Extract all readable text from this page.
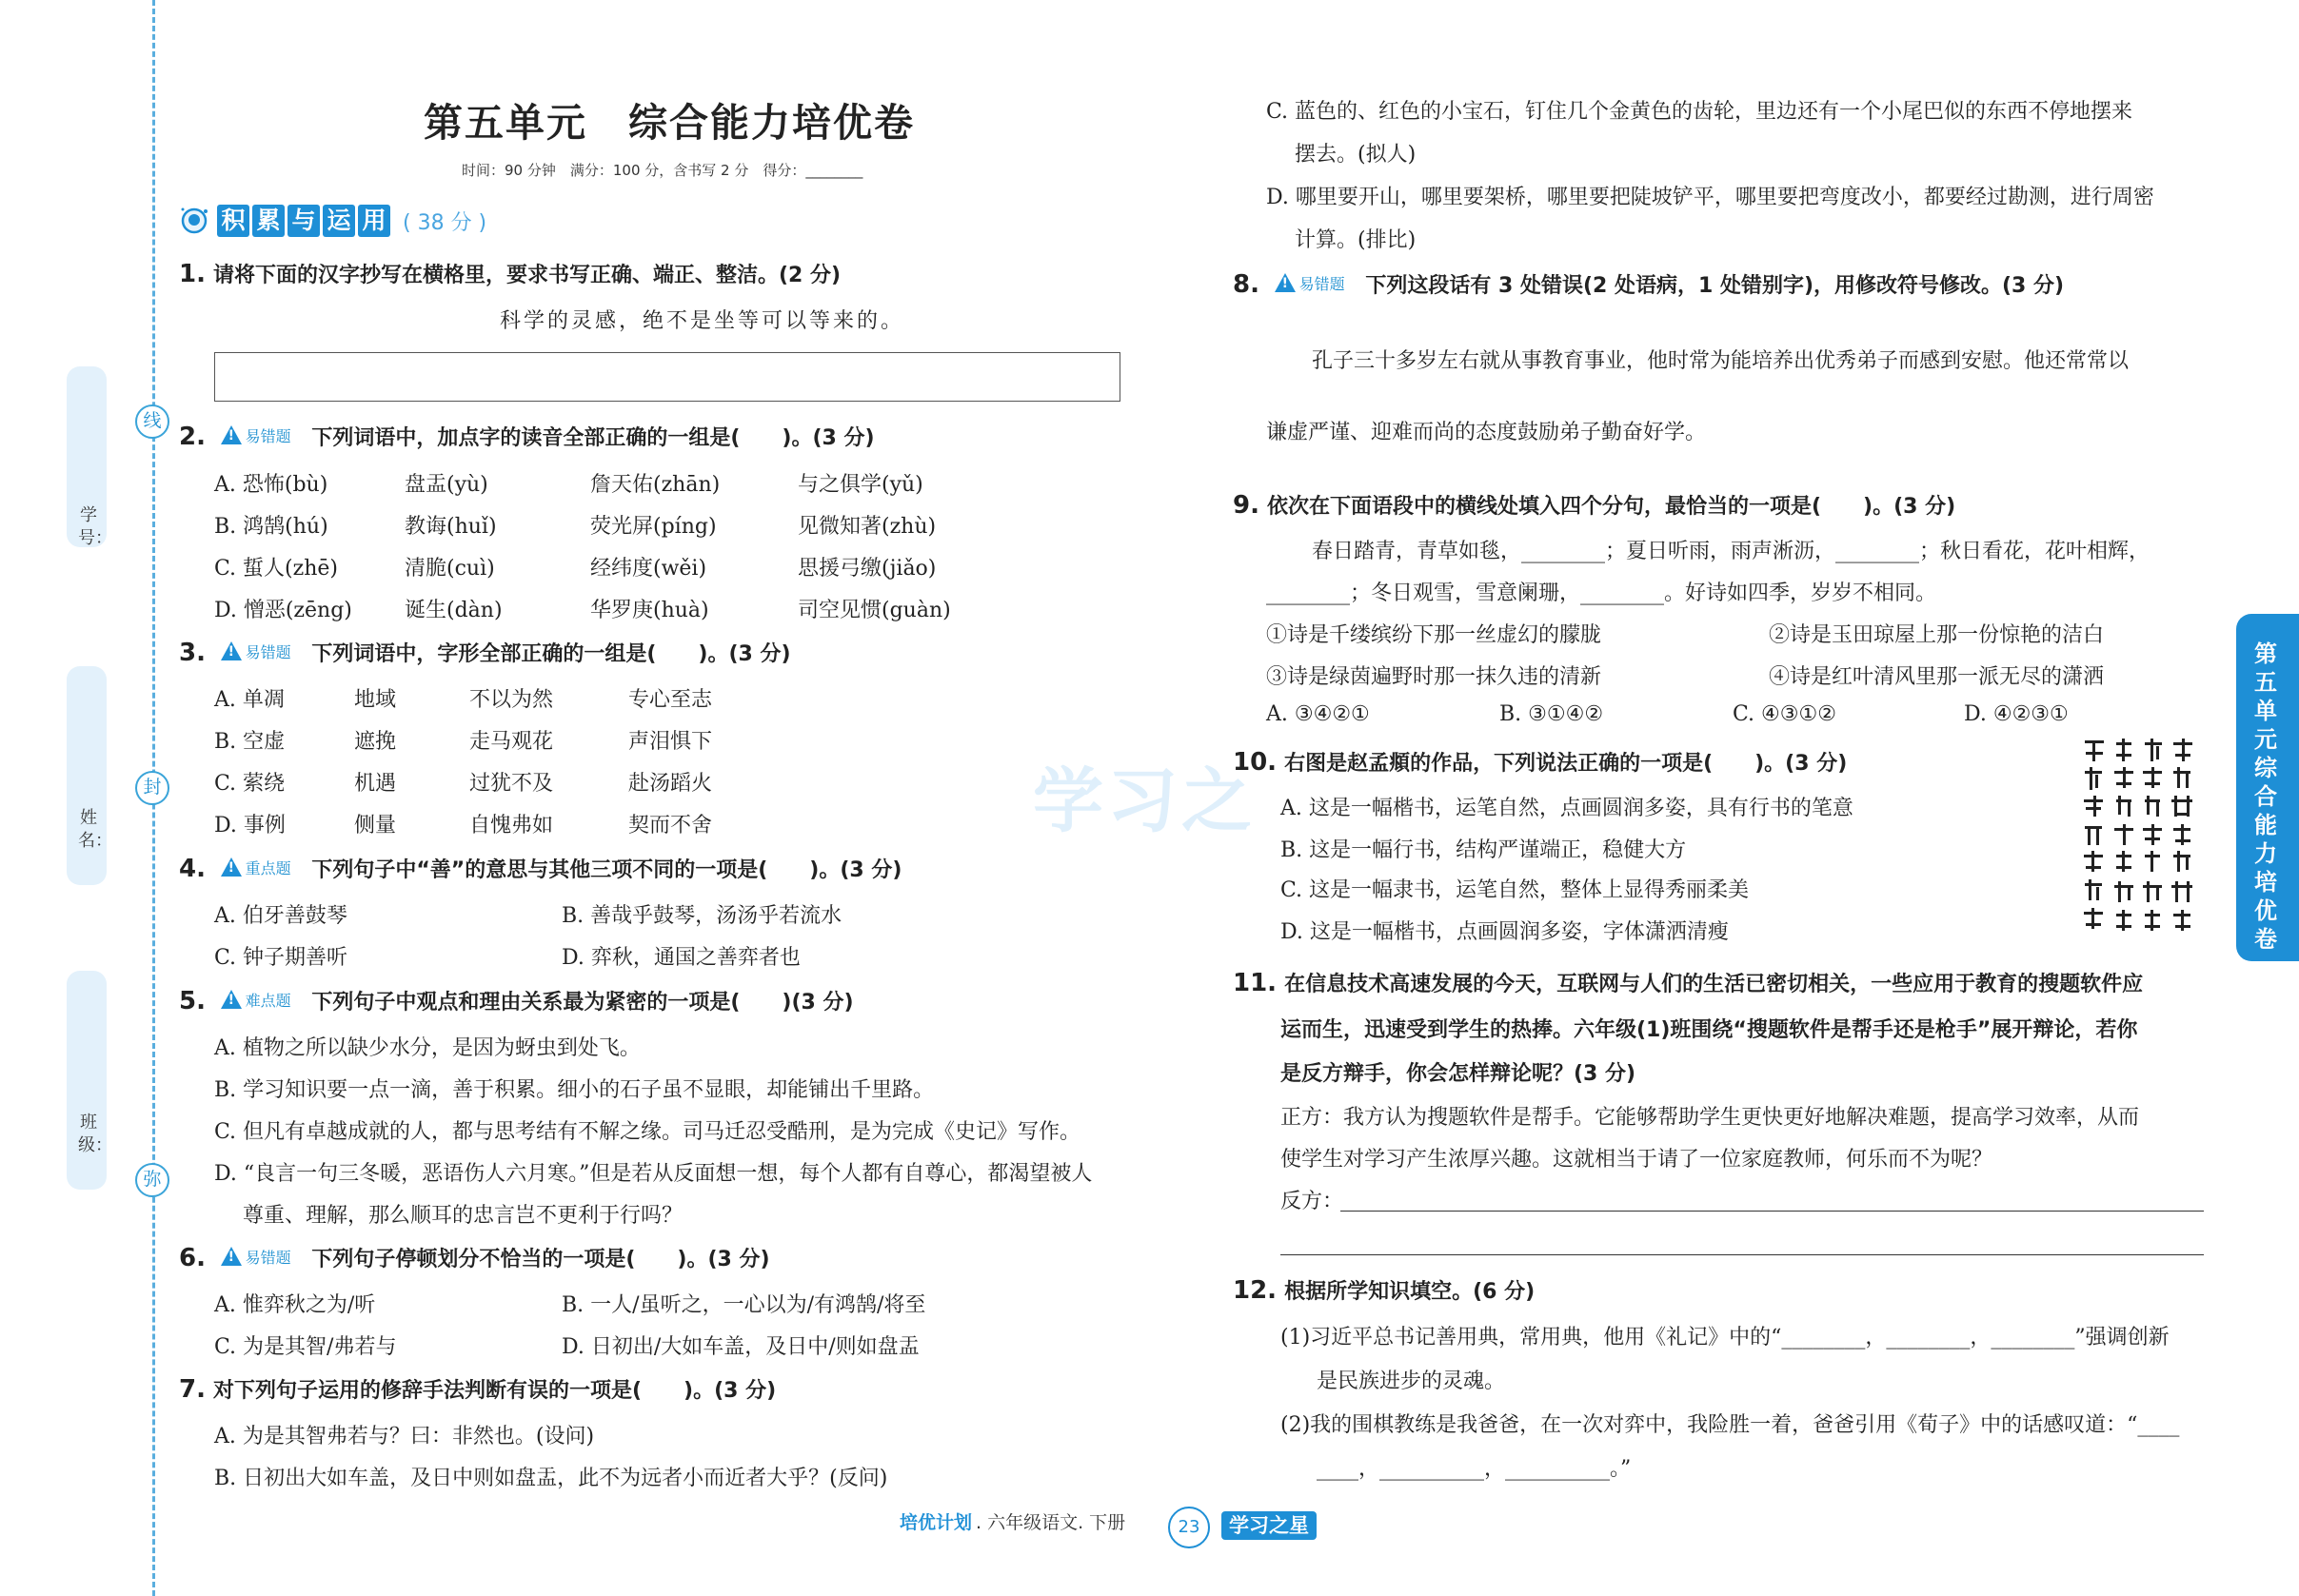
线
封
弥
学号：
姓名：
班级：
第五单元　综合能力培优卷
时间：90 分钟　满分：100 分，含书写 2 分　得分：________
积 累 与 运 用 ( 38 分 )
1. 请将下面的汉字抄写在横格里，要求书写正确、端正、整洁。(2 分)
科学的灵感，绝不是坐等可以等来的。
2. ! 易错题 下列词语中，加点字的读音全部正确的一组是(　　)。(3 分)
A. 恐怖(bù)	盘盂(yù)	詹天佑(zhān)	与之俱学(yǔ)
B. 鸿鹄(hú)	教诲(huǐ)	荧光屏(píng)	见微知著(zhù)
C. 蜇人(zhē)	清脆(cuì)	经纬度(wěi)	思援弓缴(jiǎo)
D. 憎恶(zēng)	诞生(dàn)	华罗庚(huà)	司空见惯(guàn)
3. ! 易错题 下列词语中，字形全部正确的一组是(　　)。(3 分)
A. 单凋	地域	不以为然	专心至志
B. 空虚	遮挽	走马观花	声泪惧下
C. 萦绕	机遇	过犹不及	赴汤蹈火
D. 事例	侧量	自愧弗如	契而不舍
4. ! 重点题 下列句子中“善”的意思与其他三项不同的一项是(　　)。(3 分)
A. 伯牙善鼓琴	B. 善哉乎鼓琴，汤汤乎若流水
C. 钟子期善听	D. 弈秋，通国之善弈者也
5. ! 难点题 下列句子中观点和理由关系最为紧密的一项是(　　)(3 分)
A. 植物之所以缺少水分，是因为蚜虫到处飞。
B. 学习知识要一点一滴，善于积累。细小的石子虽不显眼，却能铺出千里路。
C. 但凡有卓越成就的人，都与思考结有不解之缘。司马迁忍受酷刑，是为完成《史记》写作。
D. “良言一句三冬暖，恶语伤人六月寒。”但是若从反面想一想，每个人都有自尊心，都渴望被人
尊重、理解，那么顺耳的忠言岂不更利于行吗？
6. ! 易错题 下列句子停顿划分不恰当的一项是(　　)。(3 分)
A. 惟弈秋之为/听	B. 一人/虽听之，一心以为/有鸿鹄/将至
C. 为是其智/弗若与	D. 日初出/大如车盖，及日中/则如盘盂
7. 对下列句子运用的修辞手法判断有误的一项是(　　)。(3 分)
A. 为是其智弗若与？曰：非然也。(设问)
B. 日初出大如车盖，及日中则如盘盂，此不为远者小而近者大乎？(反问)
C. 蓝色的、红色的小宝石，钉住几个金黄色的齿轮，里边还有一个小尾巴似的东西不停地摆来
摆去。(拟人)
D. 哪里要开山，哪里要架桥，哪里要把陡坡铲平，哪里要把弯度改小，都要经过勘测，进行周密
计算。(排比)
8. ! 易错题 下列这段话有 3 处错误(2 处语病，1 处错别字)，用修改符号修改。(3 分)
孔子三十多岁左右就从事教育事业，他时常为能培养出优秀弟子而感到安慰。他还常常以
谦虚严谨、迎难而尚的态度鼓励弟子勤奋好学。
9. 依次在下面语段中的横线处填入四个分句，最恰当的一项是(　　)。(3 分)
春日踏青，青草如毯，________；夏日听雨，雨声淅沥，________；秋日看花，花叶相辉，
________；冬日观雪，雪意阑珊，________。好诗如四季，岁岁不相同。
①诗是千缕缤纷下那一丝虚幻的朦胧	②诗是玉田琼屋上那一份惊艳的洁白
③诗是绿茵遍野时那一抹久违的清新	④诗是红叶清风里那一派无尽的潇洒
A. ③④②①	B. ③①④②	C. ④③①②	D. ④②③①
学习之
10. 右图是赵孟頫的作品，下列说法正确的一项是(　　)。(3 分)
A. 这是一幅楷书，运笔自然，点画圆润多姿，具有行书的笔意
B. 这是一幅行书，结构严谨端正，稳健大方
C. 这是一幅隶书，运笔自然，整体上显得秀丽柔美
D. 这是一幅楷书，点画圆润多姿，字体潇洒清瘦
11. 在信息技术高速发展的今天，互联网与人们的生活已密切相关，一些应用于教育的搜题软件应
运而生，迅速受到学生的热捧。六年级(1)班围绕“搜题软件是帮手还是枪手”展开辩论，若你
是反方辩手，你会怎样辩论呢？(3 分)
正方：我方认为搜题软件是帮手。它能够帮助学生更快更好地解决难题，提高学习效率，从而
使学生对学习产生浓厚兴趣。这就相当于请了一位家庭教师，何乐而不为呢？
反方：
12. 根据所学知识填空。(6 分)
(1)习近平总书记善用典，常用典，他用《礼记》中的“________，________，________”强调创新
是民族进步的灵魂。
(2)我的围棋教练是我爸爸，在一次对弈中，我险胜一着，爸爸引用《荀子》中的话感叹道：“____
____，__________，__________。”
第五单元 综合能力培优卷
培优计划 . 六年级语文. 下册	23	学习之星
